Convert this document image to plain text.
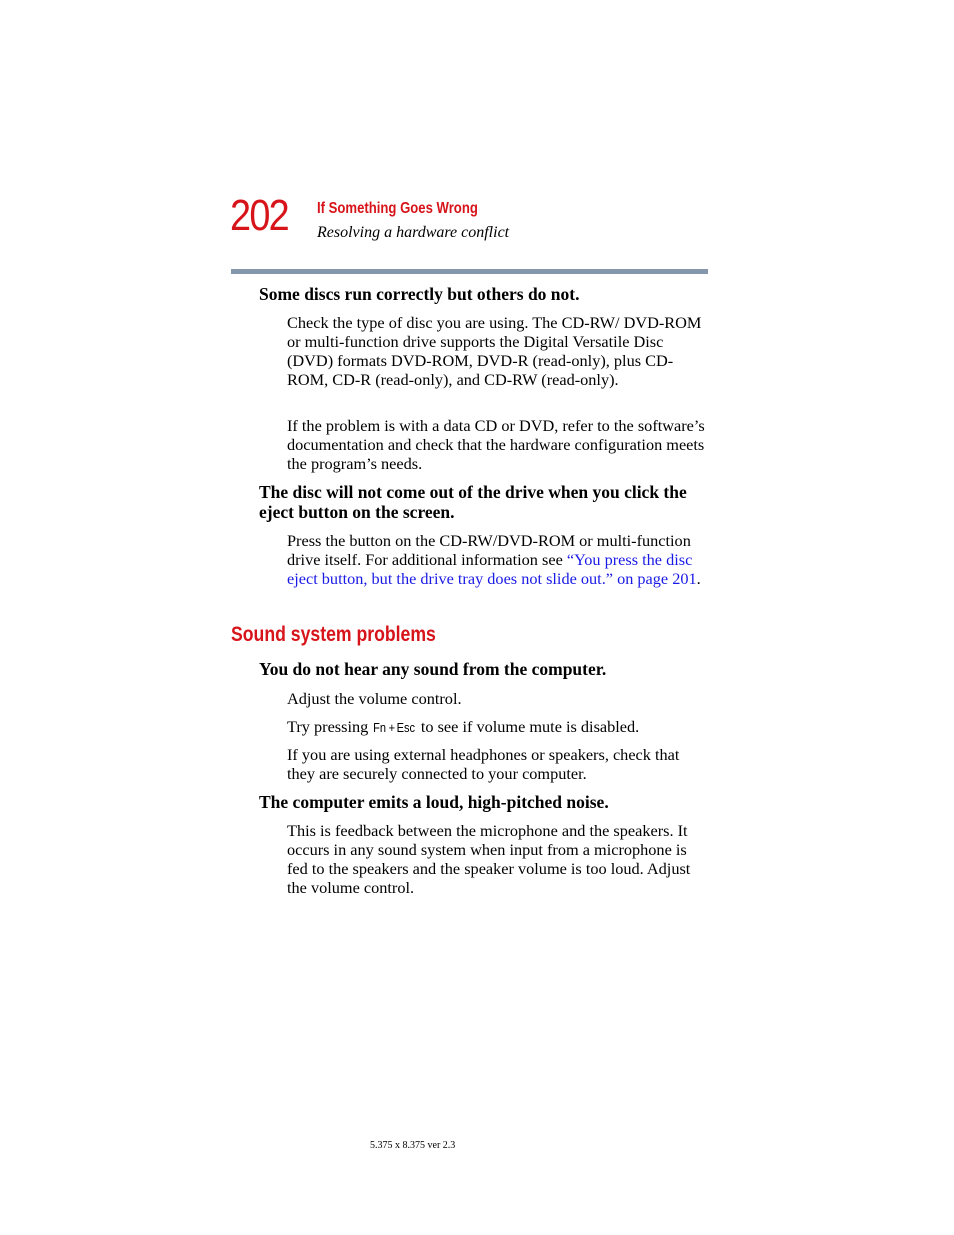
202 If Something Goes Wrong
Resolving a hardware conflict
Some discs run correctly but others do not.
Check the type of disc you are using. The CD-RW/ DVD-ROM or multi-function drive supports the Digital Versatile Disc (DVD) formats DVD-ROM, DVD-R (read-only), plus CD-ROM, CD-R (read-only), and CD-RW (read-only).
If the problem is with a data CD or DVD, refer to the software’s documentation and check that the hardware configuration meets the program’s needs.
The disc will not come out of the drive when you click the eject button on the screen.
Press the button on the CD-RW/DVD-ROM or multi-function drive itself. For additional information see “You press the disc eject button, but the drive tray does not slide out.” on page 201.
Sound system problems
You do not hear any sound from the computer.
Adjust the volume control.
Try pressing Fn+Esc to see if volume mute is disabled.
If you are using external headphones or speakers, check that they are securely connected to your computer.
The computer emits a loud, high-pitched noise.
This is feedback between the microphone and the speakers. It occurs in any sound system when input from a microphone is fed to the speakers and the speaker volume is too loud. Adjust the volume control.
5.375 x 8.375 ver 2.3
